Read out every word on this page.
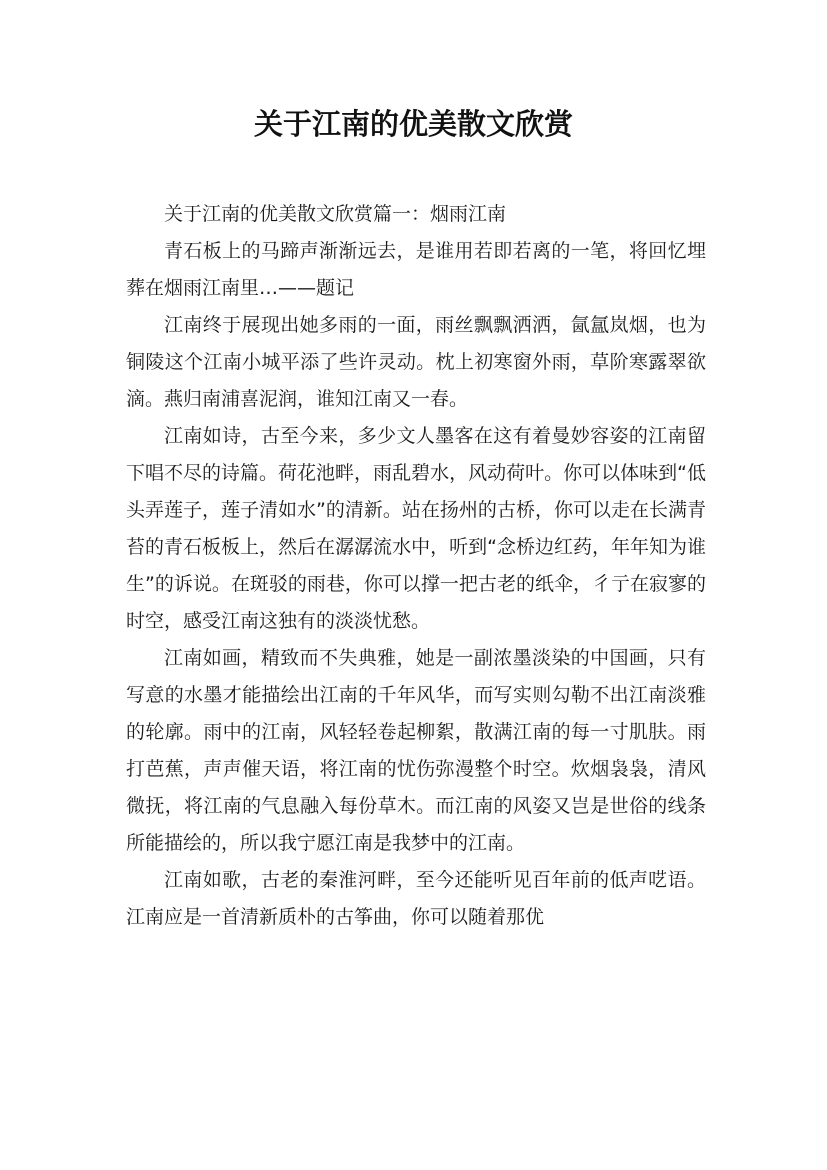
关于江南的优美散文欣赏

关于江南的优美散文欣赏篇一：烟雨江南

青石板上的马蹄声渐渐远去，是谁用若即若离的一笔，将回忆埋葬在烟雨江南里…——题记

江南终于展现出她多雨的一面，雨丝飘飘洒洒，氤氲岚烟，也为铜陵这个江南小城平添了些许灵动。枕上初寒窗外雨，草阶寒露翠欲滴。燕归南浦喜泥润，谁知江南又一春。

江南如诗，古至今来，多少文人墨客在这有着曼妙容姿的江南留下唱不尽的诗篇。荷花池畔，雨乱碧水，风动荷叶。你可以体味到“低头弄莲子，莲子清如水”的清新。站在扬州的古桥，你可以走在长满青苔的青石板板上，然后在潺潺流水中，听到“念桥边红药，年年知为谁生”的诉说。在斑驳的雨巷，你可以撑一把古老的纸伞，彳亍在寂寥的时空，感受江南这独有的淡淡忧愁。

江南如画，精致而不失典雅，她是一副浓墨淡染的中国画，只有写意的水墨才能描绘出江南的千年风华，而写实则勾勒不出江南淡雅的轮廓。雨中的江南，风轻轻卷起柳絮，散满江南的每一寸肌肤。雨打芭蕉，声声催天语，将江南的忧伤弥漫整个时空。炊烟袅袅，清风微抚，将江南的气息融入每份草木。而江南的风姿又岂是世俗的线条所能描绘的，所以我宁愿江南是我梦中的江南。

江南如歌，古老的秦淮河畔，至今还能听见百年前的低声呓语。江南应是一首清新质朴的古筝曲，你可以随着那优
